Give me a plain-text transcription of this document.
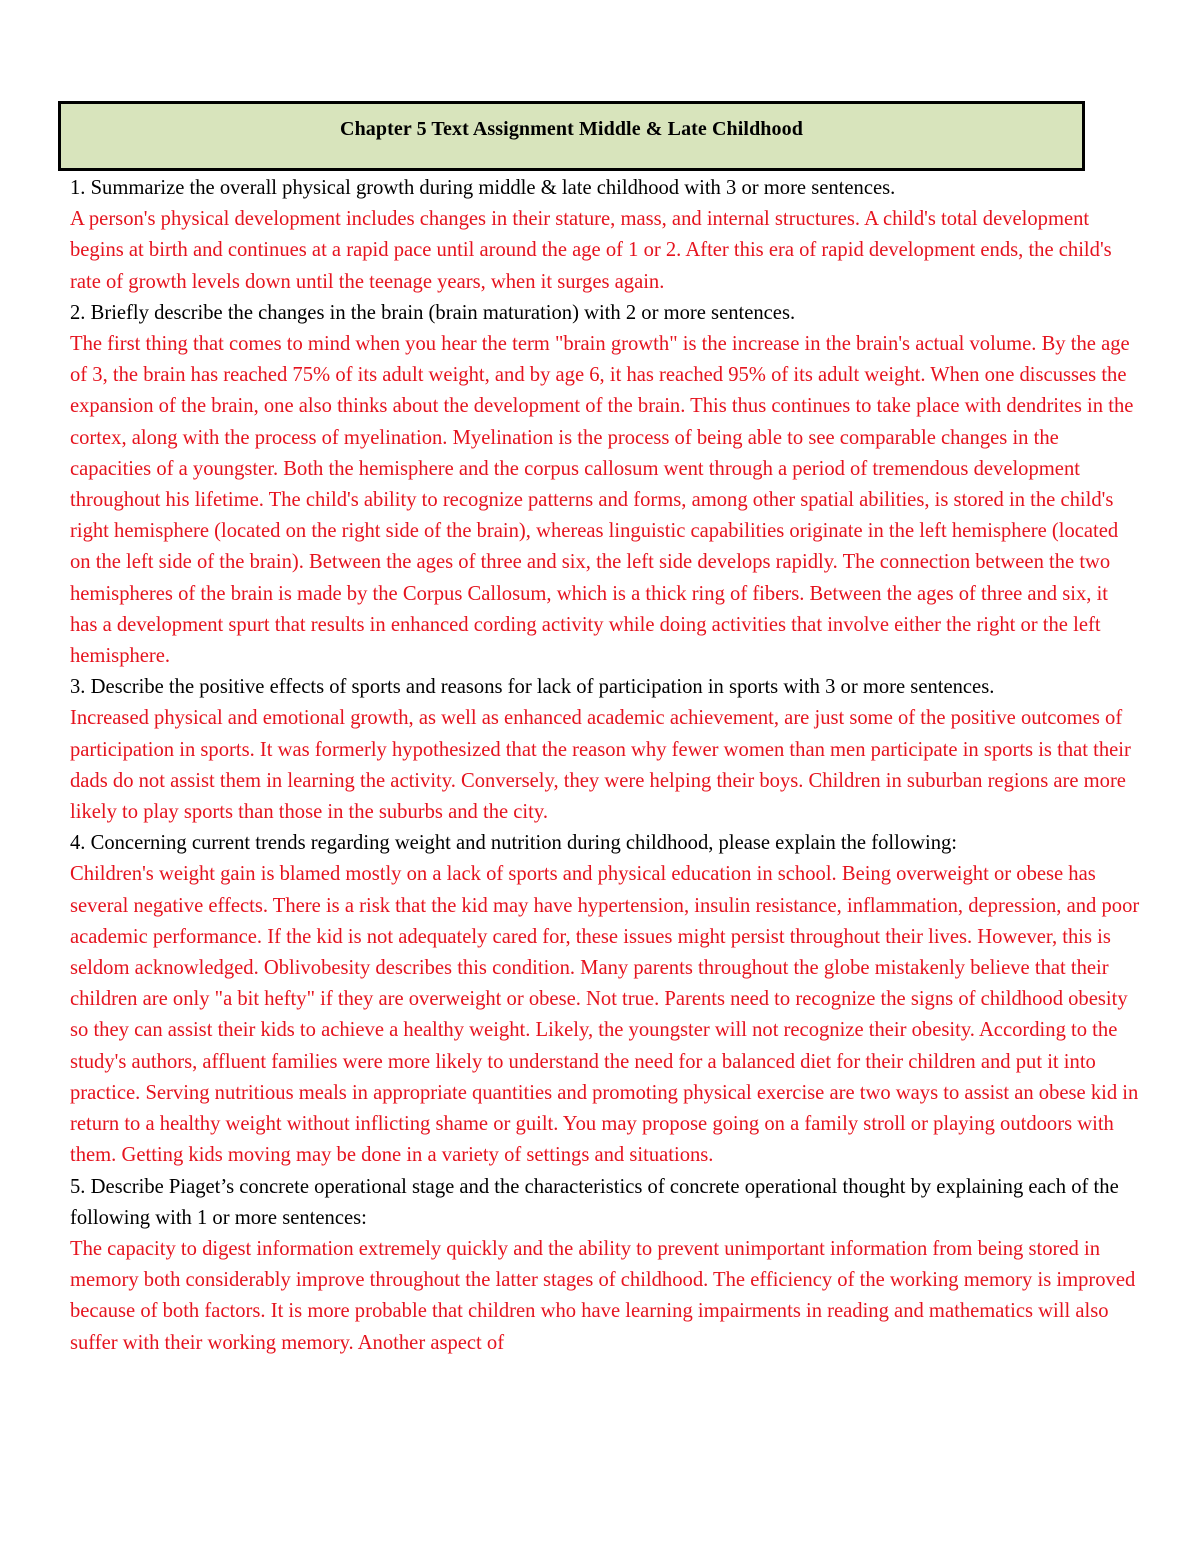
Chapter 5 Text Assignment Middle & Late Childhood

1. Summarize the overall physical growth during middle & late childhood with 3 or more sentences.

A person's physical development includes changes in their stature, mass, and internal structures. A child's total development begins at birth and continues at a rapid pace until around the age of 1 or 2. After this era of rapid development ends, the child's rate of growth levels down until the teenage years, when it surges again.

2. Briefly describe the changes in the brain (brain maturation) with 2 or more sentences.

The first thing that comes to mind when you hear the term "brain growth" is the increase in the brain's actual volume. By the age of 3, the brain has reached 75% of its adult weight, and by age 6, it has reached 95% of its adult weight. When one discusses the expansion of the brain, one also thinks about the development of the brain. This thus continues to take place with dendrites in the cortex, along with the process of myelination. Myelination is the process of being able to see comparable changes in the capacities of a youngster. Both the hemisphere and the corpus callosum went through a period of tremendous development throughout his lifetime. The child's ability to recognize patterns and forms, among other spatial abilities, is stored in the child's right hemisphere (located on the right side of the brain), whereas linguistic capabilities originate in the left hemisphere (located on the left side of the brain). Between the ages of three and six, the left side develops rapidly. The connection between the two hemispheres of the brain is made by the Corpus Callosum, which is a thick ring of fibers. Between the ages of three and six, it has a development spurt that results in enhanced cording activity while doing activities that involve either the right or the left hemisphere.

3. Describe the positive effects of sports and reasons for lack of participation in sports with 3 or more sentences.

Increased physical and emotional growth, as well as enhanced academic achievement, are just some of the positive outcomes of participation in sports. It was formerly hypothesized that the reason why fewer women than men participate in sports is that their dads do not assist them in learning the activity. Conversely, they were helping their boys. Children in suburban regions are more likely to play sports than those in the suburbs and the city.

4. Concerning current trends regarding weight and nutrition during childhood, please explain the following:

Children's weight gain is blamed mostly on a lack of sports and physical education in school. Being overweight or obese has several negative effects. There is a risk that the kid may have hypertension, insulin resistance, inflammation, depression, and poor academic performance. If the kid is not adequately cared for, these issues might persist throughout their lives. However, this is seldom acknowledged. Oblivobesity describes this condition. Many parents throughout the globe mistakenly believe that their children are only "a bit hefty" if they are overweight or obese. Not true. Parents need to recognize the signs of childhood obesity so they can assist their kids to achieve a healthy weight. Likely, the youngster will not recognize their obesity. According to the study's authors, affluent families were more likely to understand the need for a balanced diet for their children and put it into practice. Serving nutritious meals in appropriate quantities and promoting physical exercise are two ways to assist an obese kid in return to a healthy weight without inflicting shame or guilt. You may propose going on a family stroll or playing outdoors with them. Getting kids moving may be done in a variety of settings and situations.

5. Describe Piaget’s concrete operational stage and the characteristics of concrete operational thought by explaining each of the following with 1 or more sentences:

The capacity to digest information extremely quickly and the ability to prevent unimportant information from being stored in memory both considerably improve throughout the latter stages of childhood. The efficiency of the working memory is improved because of both factors. It is more probable that children who have learning impairments in reading and mathematics will also suffer with their working memory. Another aspect of
